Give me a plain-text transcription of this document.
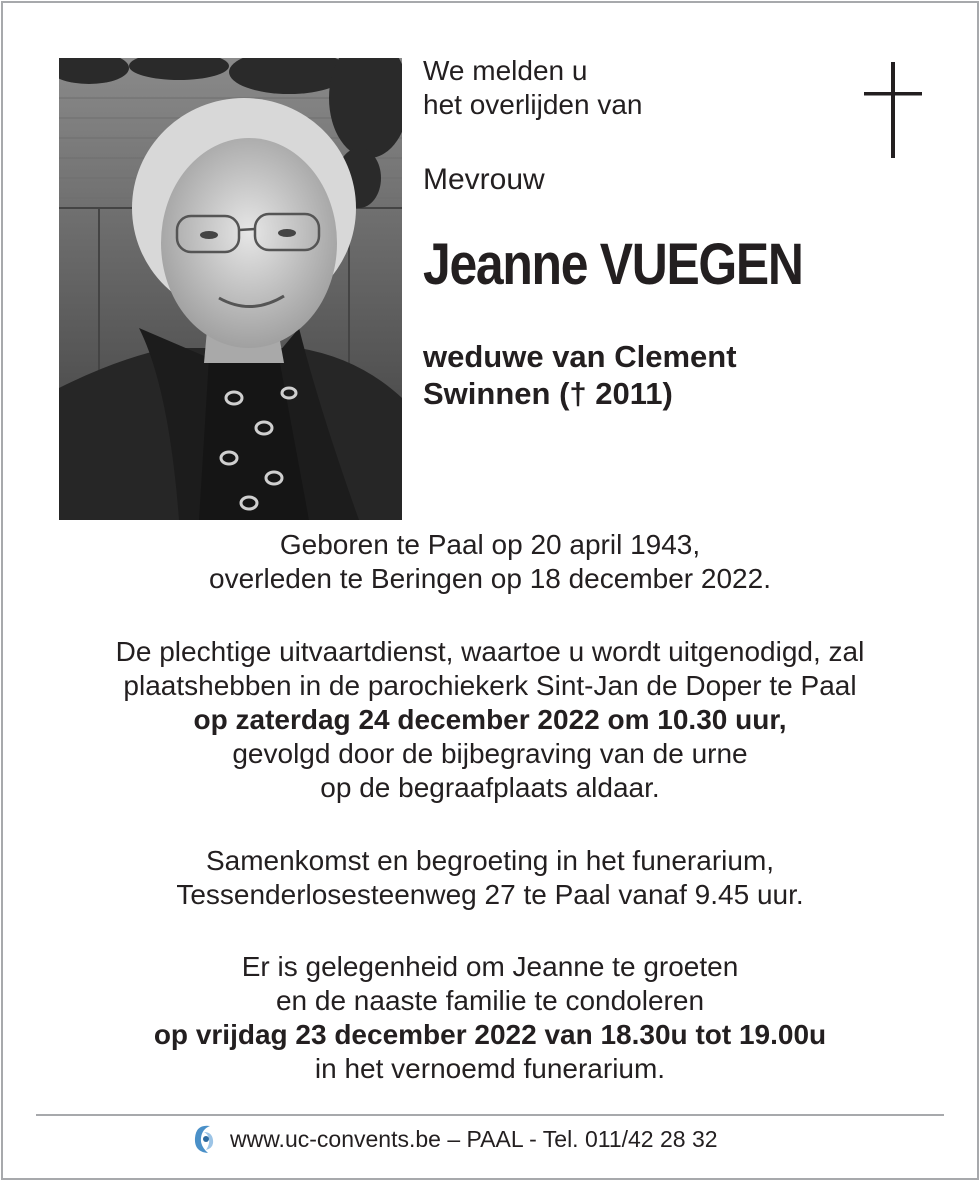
We melden u
het overlijden van
Mevrouw
Jeanne VUEGEN
weduwe van Clement
Swinnen († 2011)
Geboren te Paal op 20 april 1943,
overleden te Beringen op 18 december 2022.
De plechtige uitvaartdienst, waartoe u wordt uitgenodigd, zal
plaatshebben in de parochiekerk Sint-Jan de Doper te Paal
op zaterdag 24 december 2022 om 10.30 uur,
gevolgd door de bijbegraving van de urne
op de begraafplaats aldaar.
Samenkomst en begroeting in het funerarium,
Tessenderlosesteenweg 27 te Paal vanaf 9.45 uur.
Er is gelegenheid om Jeanne te groeten
en de naaste familie te condoleren
op vrijdag 23 december 2022 van 18.30u tot 19.00u
in het vernoemd funerarium.
www.uc-convents.be – PAAL - Tel. 011/42 28 32
